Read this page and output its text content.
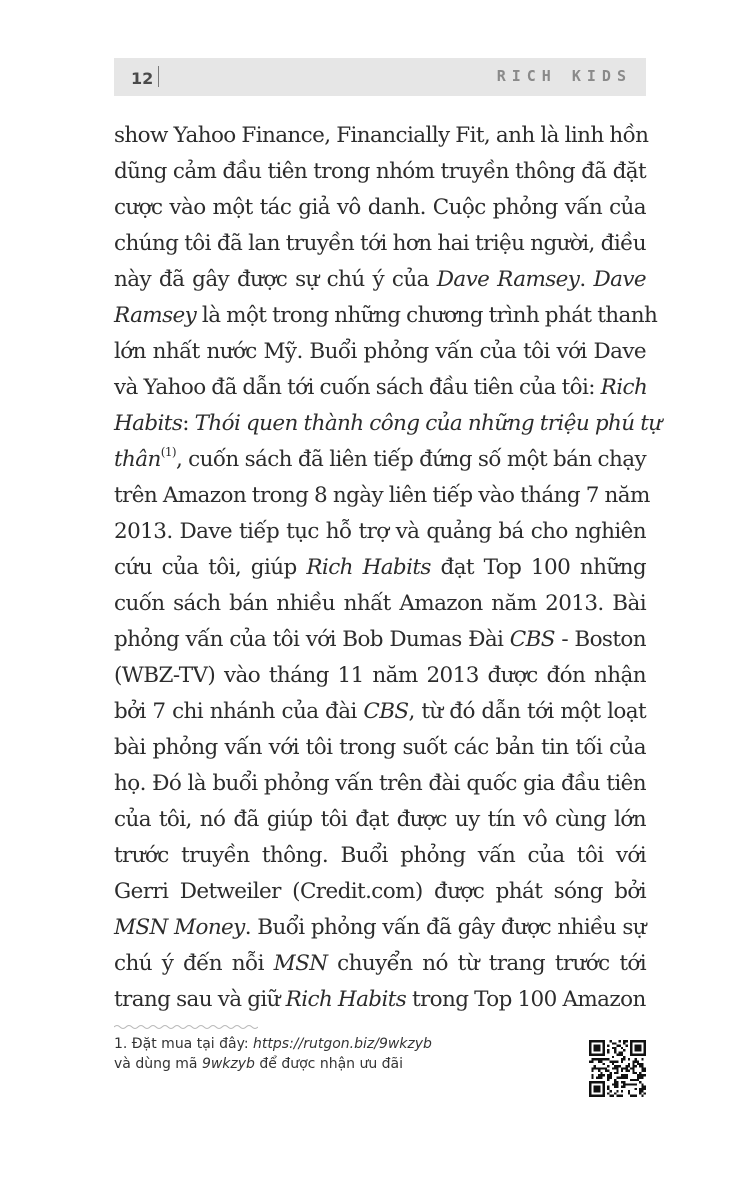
12	RICH KIDS
show Yahoo Finance, Financially Fit, anh là linh hồn
dũng cảm đầu tiên trong nhóm truyền thông đã đặt
cược vào một tác giả vô danh. Cuộc phỏng vấn của
chúng tôi đã lan truyền tới hơn hai triệu người, điều
này đã gây được sự chú ý của Dave Ramsey. Dave
Ramsey là một trong những chương trình phát thanh
lớn nhất nước Mỹ. Buổi phỏng vấn của tôi với Dave
và Yahoo đã dẫn tới cuốn sách đầu tiên của tôi: Rich
Habits: Thói quen thành công của những triệu phú tự
thân$^{(1)}$, cuốn sách đã liên tiếp đứng số một bán chạy
trên Amazon trong 8 ngày liên tiếp vào tháng 7 năm
2013. Dave tiếp tục hỗ trợ và quảng bá cho nghiên
cứu của tôi, giúp Rich Habits đạt Top 100 những
cuốn sách bán nhiều nhất Amazon năm 2013. Bài
phỏng vấn của tôi với Bob Dumas Đài CBS - Boston
(WBZ-TV) vào tháng 11 năm 2013 được đón nhận
bởi 7 chi nhánh của đài CBS, từ đó dẫn tới một loạt
bài phỏng vấn với tôi trong suốt các bản tin tối của
họ. Đó là buổi phỏng vấn trên đài quốc gia đầu tiên
của tôi, nó đã giúp tôi đạt được uy tín vô cùng lớn
trước truyền thông. Buổi phỏng vấn của tôi với
Gerri Detweiler (Credit.com) được phát sóng bởi
MSN Money. Buổi phỏng vấn đã gây được nhiều sự
chú ý đến nỗi MSN chuyển nó từ trang trước tới
trang sau và giữ Rich Habits trong Top 100 Amazon
1. Đặt mua tại đây: https://rutgon.biz/9wkzyb
và dùng mã 9wkzyb để được nhận ưu đãi
